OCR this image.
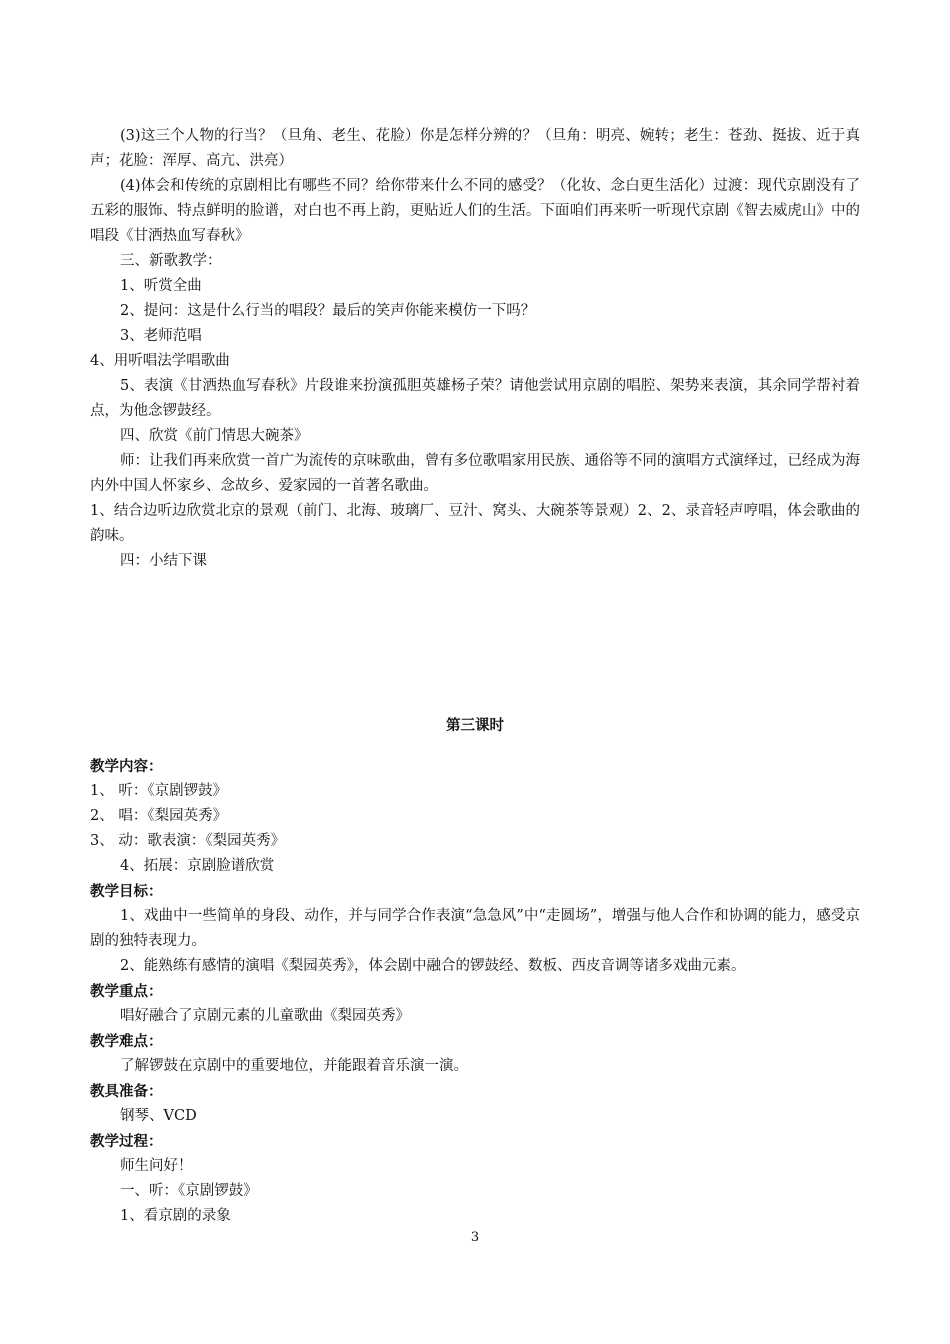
(3)这三个人物的行当？（旦角、老生、花脸）你是怎样分辨的？（旦角：明亮、婉转；老生：苍劲、挺拔、近于真声；花脸：浑厚、高亢、洪亮）

(4)体会和传统的京剧相比有哪些不同？给你带来什么不同的感受？（化妆、念白更生活化）过渡：现代京剧没有了五彩的服饰、特点鲜明的脸谱，对白也不再上韵，更贴近人们的生活。下面咱们再来听一听现代京剧《智去威虎山》中的唱段《甘洒热血写春秋》

三、新歌教学：

1、听赏全曲

2、提问：这是什么行当的唱段？最后的笑声你能来模仿一下吗？

3、老师范唱

4、用听唱法学唱歌曲

5、表演《甘洒热血写春秋》片段谁来扮演孤胆英雄杨子荣？请他尝试用京剧的唱腔、架势来表演，其余同学帮衬着点，为他念锣鼓经。

四、欣赏《前门情思大碗茶》

师：让我们再来欣赏一首广为流传的京味歌曲，曾有多位歌唱家用民族、通俗等不同的演唱方式演绎过，已经成为海内外中国人怀家乡、念故乡、爱家园的一首著名歌曲。

1、结合边听边欣赏北京的景观（前门、北海、玻璃厂、豆汁、窝头、大碗茶等景观）2、2、录音轻声哼唱，体会歌曲的韵味。

四：小结下课

第三课时

教学内容：

1、 听：《京剧锣鼓》

2、 唱：《梨园英秀》

3、 动：歌表演：《梨园英秀》

4、拓展：京剧脸谱欣赏

教学目标：

1、戏曲中一些简单的身段、动作，并与同学合作表演“急急风”中“走圆场”，增强与他人合作和协调的能力，感受京剧的独特表现力。

2、能熟练有感情的演唱《梨园英秀》，体会剧中融合的锣鼓经、数板、西皮音调等诸多戏曲元素。

教学重点：

唱好融合了京剧元素的儿童歌曲《梨园英秀》

教学难点：

了解锣鼓在京剧中的重要地位，并能跟着音乐演一演。

教具准备：

钢琴、VCD

教学过程：

师生问好！

一、听：《京剧锣鼓》

1、看京剧的录象

3
